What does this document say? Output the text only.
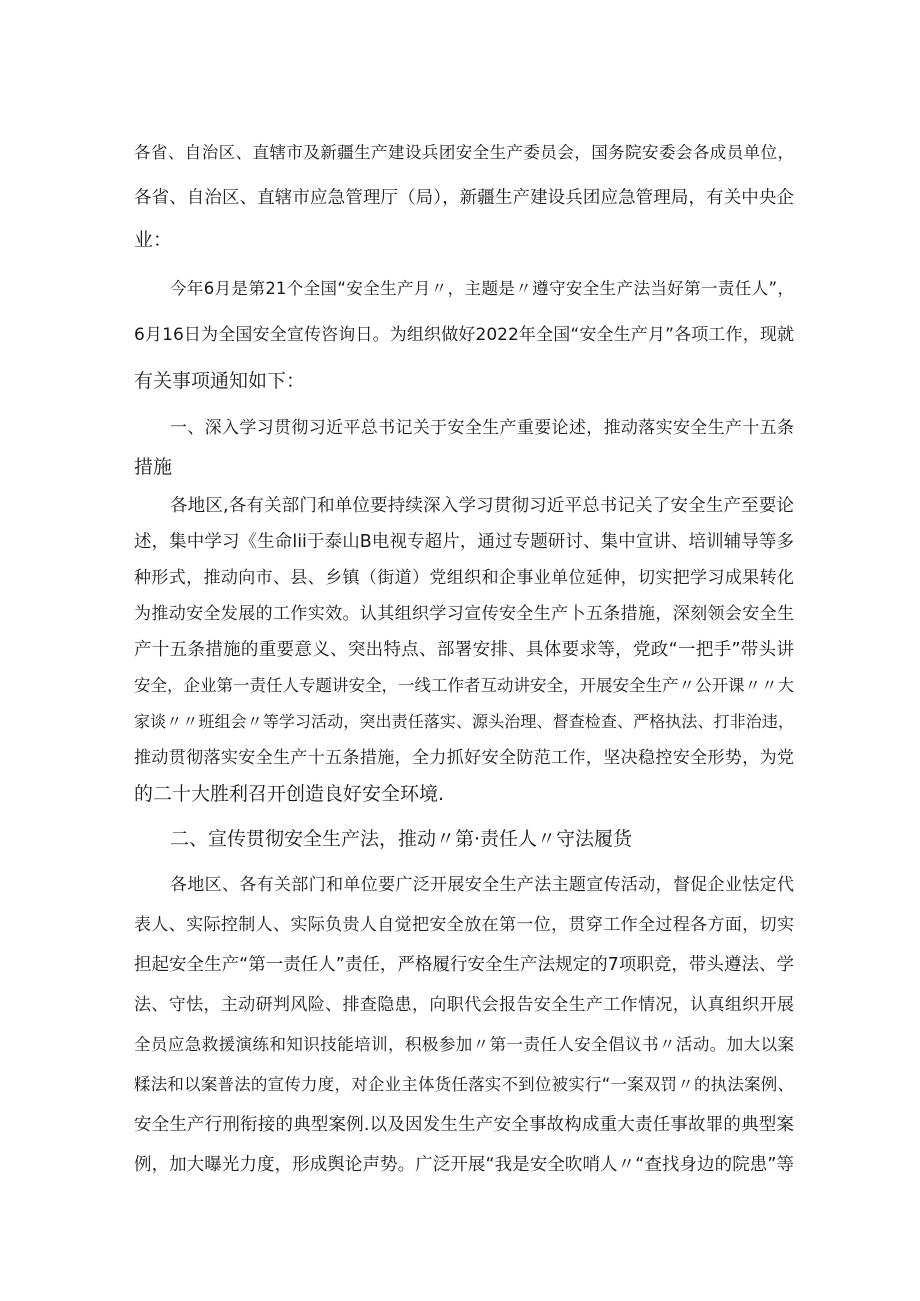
各省、自治区、直辖市及新疆生产建设兵团安全生产委员会，国务院安委会各成员单位，
各省、自治区、直辖市应急管理厅（局），新疆生产建设兵团应急管理局，有关中央企
业：
今年6月是第21个全国“安全生产月〃，主题是〃遵守安全生产法当好第一责任人”，
6月16日为全国安全宣传咨询日。为组织做好2022年全国“安全生产月”各项工作，现就
有关事项通知如下：
一、深入学习贯彻习近平总书记关于安全生产重要论述，推动落实安全生产十五条
措施
各地区,各有关部门和单位要持续深入学习贯彻习近平总书记关了安全生产至要论
述，集中学习《生命lii于泰山B电视专超片，通过专题研讨、集中宣讲、培训辅导等多
种形式，推动向市、县、乡镇（街道）党组织和企事业单位延伸，切实把学习成果转化
为推动安全发展的工作实效。认其组织学习宣传安全生产卜五条措施，深刻领会安全生
产十五条措施的重要意义、突出特点、部署安排、具体要求等，党政“一把手”带头讲
安全，企业第一责任人专题讲安全，一线工作者互动讲安全，开展安全生产〃公开课〃〃大
家谈〃〃班组会〃等学习活动，突出责任落实、源头治理、督查检查、严格执法、打非治违，
推动贯彻落实安全生产十五条措施，全力抓好安全防范工作，坚决稳控安全形势，为党
的二十大胜利召开创造良好安全环境.
二、宣传贯彻安全生产法，推动〃第·责任人〃守法履货
各地区、各有关部门和单位要广泛开展安全生产法主题宣传活动，督促企业怯定代
表人、实际控制人、实际负贵人自觉把安全放在第一位，贯穿工作全过程各方面，切实
担起安全生产“第一责任人”责任，严格履行安全生产法规定的7项职竞，带头遵法、学
法、守怯，主动研判风险、排查隐患，向职代会报告安全生产工作情况，认真组织开展
全员应急救援演练和知识技能培训，积极参加〃第一责任人安全倡议书〃活动。加大以案
糅法和以案普法的宣传力度，对企业主体货任落实不到位被实行“一案双罚〃的执法案例、
安全生产行刑衔接的典型案例.以及因发生生产安全事故构成重大责任事故罪的典型案
例，加大曝光力度，形成舆论声势。广泛开展“我是安全吹哨人〃“查找身边的院患”等
